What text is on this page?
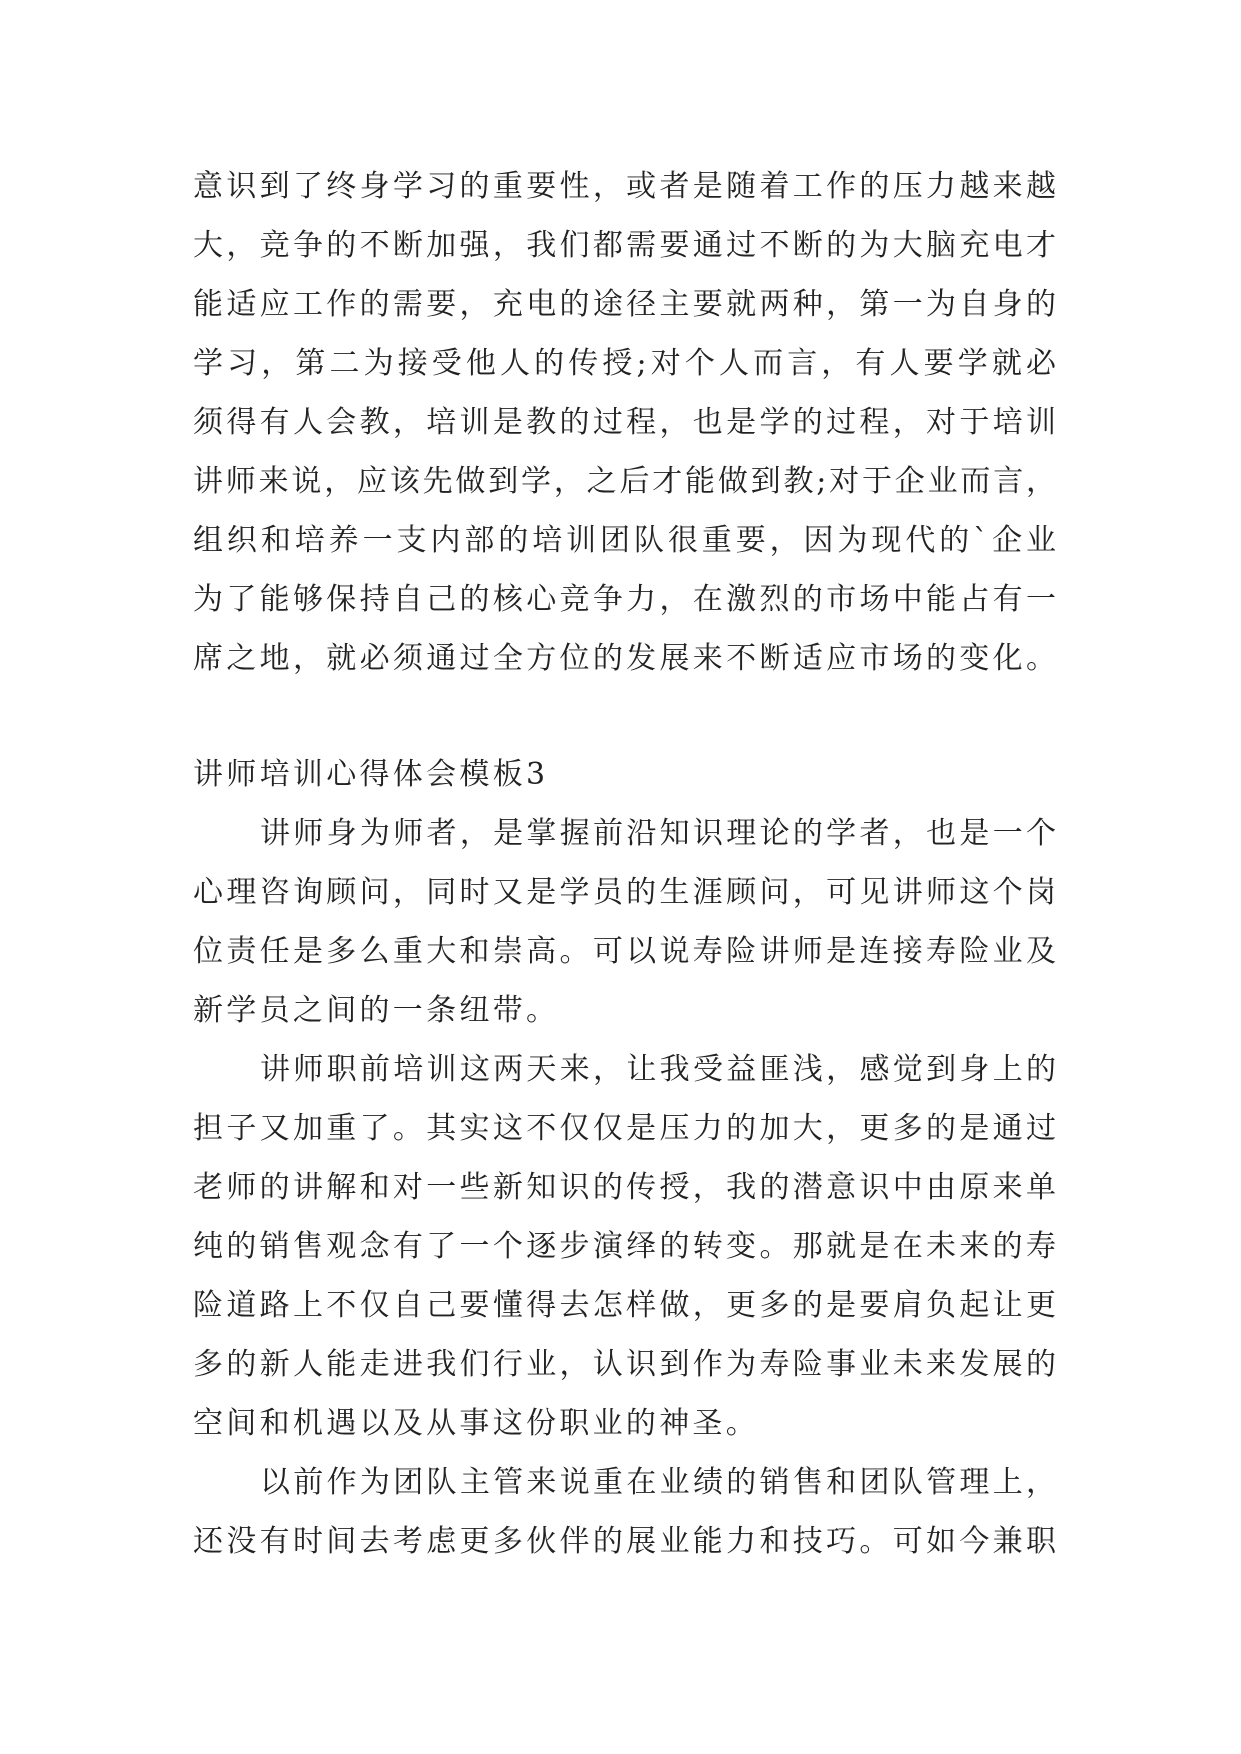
意识到了终身学习的重要性，或者是随着工作的压力越来越
大，竞争的不断加强，我们都需要通过不断的为大脑充电才
能适应工作的需要，充电的途径主要就两种，第一为自身的
学习，第二为接受他人的传授;对个人而言，有人要学就必
须得有人会教，培训是教的过程，也是学的过程，对于培训
讲师来说，应该先做到学，之后才能做到教;对于企业而言，
组织和培养一支内部的培训团队很重要，因为现代的`企业
为了能够保持自己的核心竞争力，在激烈的市场中能占有一
席之地，就必须通过全方位的发展来不断适应市场的变化。
讲师培训心得体会模板3
讲师身为师者，是掌握前沿知识理论的学者，也是一个
心理咨询顾问，同时又是学员的生涯顾问，可见讲师这个岗
位责任是多么重大和崇高。可以说寿险讲师是连接寿险业及
新学员之间的一条纽带。
讲师职前培训这两天来，让我受益匪浅，感觉到身上的
担子又加重了。其实这不仅仅是压力的加大，更多的是通过
老师的讲解和对一些新知识的传授，我的潜意识中由原来单
纯的销售观念有了一个逐步演绎的转变。那就是在未来的寿
险道路上不仅自己要懂得去怎样做，更多的是要肩负起让更
多的新人能走进我们行业，认识到作为寿险事业未来发展的
空间和机遇以及从事这份职业的神圣。
以前作为团队主管来说重在业绩的销售和团队管理上，
还没有时间去考虑更多伙伴的展业能力和技巧。可如今兼职
